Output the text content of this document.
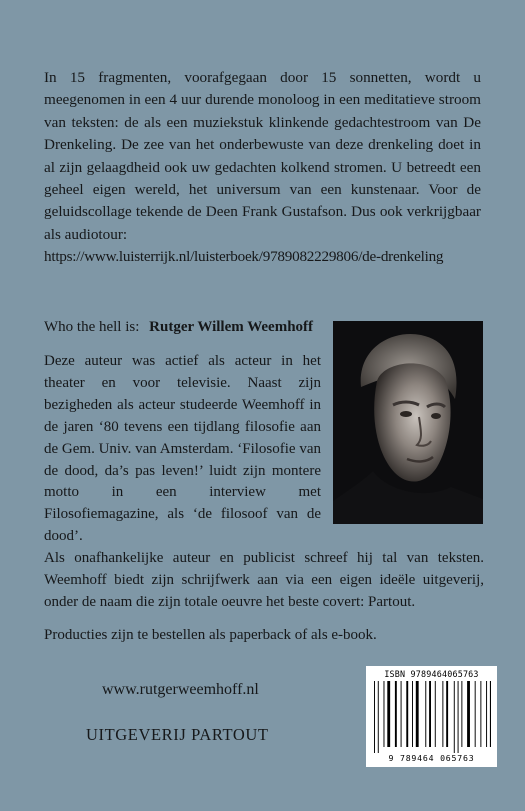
In 15 fragmenten, voorafgegaan door 15 sonnetten, wordt u meegenomen in een 4 uur durende monoloog in een meditatieve stroom van teksten: de als een muziekstuk klinkende gedachtestroom van De Drenkeling. De zee van het onderbewuste van deze drenkeling doet in al zijn gelaagdheid ook uw gedachten kolkend stromen. U betreedt een geheel eigen wereld, het universum van een kunstenaar. Voor de geluidscollage tekende de Deen Frank Gustafson. Dus ook verkrijgbaar als audiotour:
https://www.luisterrijk.nl/luisterboek/9789082229806/de-drenkeling
Who the hell is: Rutger Willem Weemhoff
Deze auteur was actief als acteur in het theater en voor televisie. Naast zijn bezigheden als acteur studeerde Weemhoff in de jaren ‘80 tevens een tijdlang filosofie aan de Gem. Univ. van Amsterdam. ‘Filosofie van de dood, da’s pas leven!’ luidt zijn montere motto in een interview met Filosofiemagazine, als ‘de filosoof van de dood’.
Als onafhankelijke auteur en publicist schreef hij tal van teksten. Weemhoff biedt zijn schrijfwerk aan via een eigen ideële uitgeverij, onder de naam die zijn totale oeuvre het beste covert: Partout.
Producties zijn te bestellen als paperback of als e-book.
www.rutgerweemhoff.nl
UITGEVERIJ PARTOUT
ISBN 9789464065763
9 789464 065763
